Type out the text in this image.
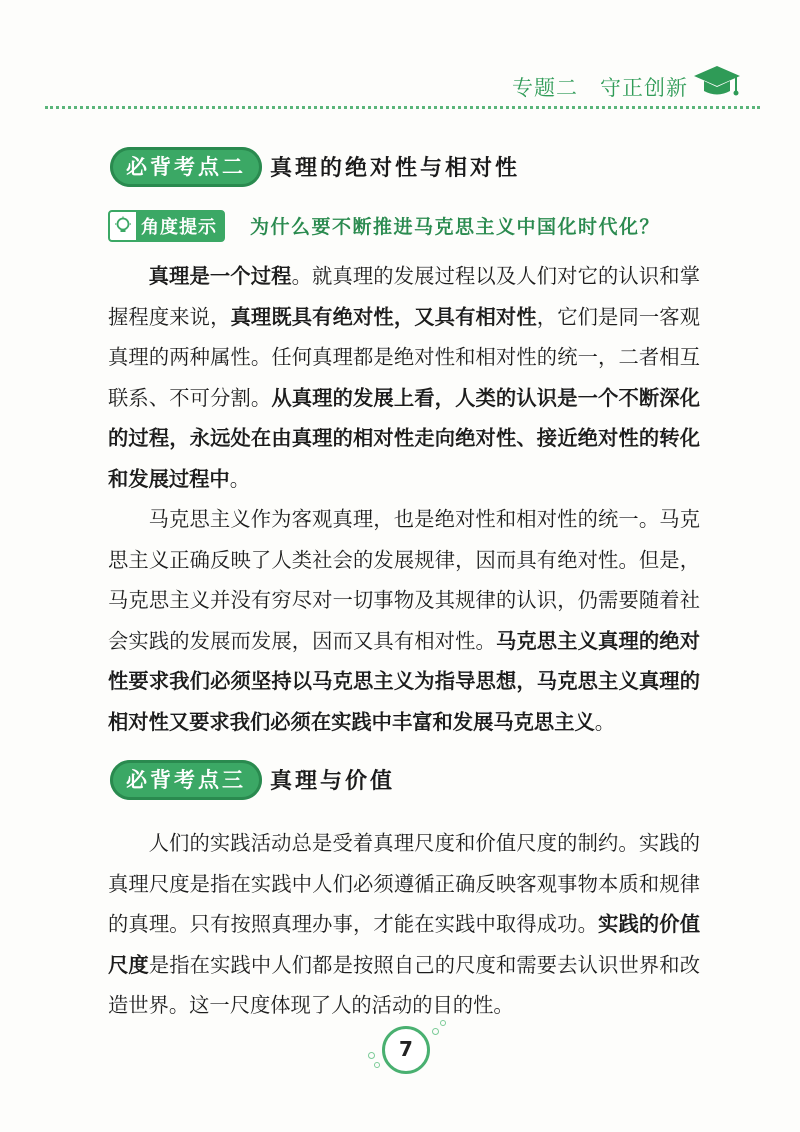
专题二　守正创新
必背考点二	真理的绝对性与相对性
角度提示	为什么要不断推进马克思主义中国化时代化？

真理是一个过程。就真理的发展过程以及人们对它的认识和掌握程度来说，真理既具有绝对性，又具有相对性，它们是同一客观真理的两种属性。任何真理都是绝对性和相对性的统一，二者相互联系、不可分割。从真理的发展上看，人类的认识是一个不断深化的过程，永远处在由真理的相对性走向绝对性、接近绝对性的转化和发展过程中。

马克思主义作为客观真理，也是绝对性和相对性的统一。马克思主义正确反映了人类社会的发展规律，因而具有绝对性。但是，马克思主义并没有穷尽对一切事物及其规律的认识，仍需要随着社会实践的发展而发展，因而又具有相对性。马克思主义真理的绝对性要求我们必须坚持以马克思主义为指导思想，马克思主义真理的相对性又要求我们必须在实践中丰富和发展马克思主义。

必背考点三	真理与价值

人们的实践活动总是受着真理尺度和价值尺度的制约。实践的真理尺度是指在实践中人们必须遵循正确反映客观事物本质和规律的真理。只有按照真理办事，才能在实践中取得成功。实践的价值尺度是指在实践中人们都是按照自己的尺度和需要去认识世界和改造世界。这一尺度体现了人的活动的目的性。

7
